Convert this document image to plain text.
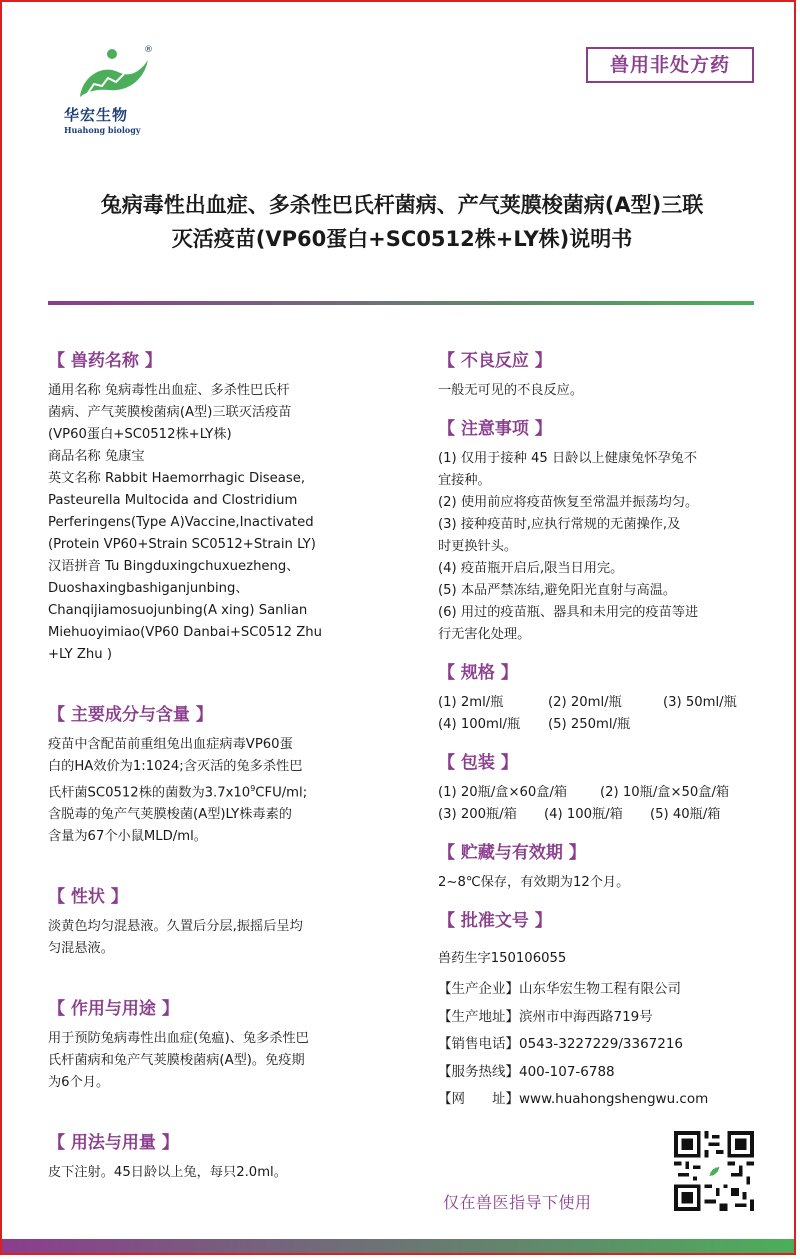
®
华宏生物
Huahong biology
兽用非处方药
兔病毒性出血症、多杀性巴氏杆菌病、产气荚膜梭菌病(A型)三联
灭活疫苗(VP60蛋白+SC0512株+LY株)说明书
【 兽药名称 】
通用名称 兔病毒性出血症、多杀性巴氏杆
菌病、产气荚膜梭菌病(A型)三联灭活疫苗
(VP60蛋白+SC0512株+LY株)
商品名称 兔康宝
英文名称 Rabbit Haemorrhagic Disease,
Pasteurella Multocida and Clostridium
Perferingens(Type A)Vaccine,Inactivated
(Protein VP60+Strain SC0512+Strain LY)
汉语拼音 Tu Bingduxingchuxuezheng、
Duoshaxingbashiganjunbing、
Chanqijiamosuojunbing(A xing) Sanlian
Miehuoyimiao(VP60 Danbai+SC0512 Zhu
+LY Zhu )
【 主要成分与含量 】
疫苗中含配苗前重组兔出血症病毒VP60蛋
白的HA效价为1:1024;含灭活的兔多杀性巴
氏杆菌SC0512株的菌数为$3.7x10^9CFU/ml$;
含脱毒的兔产气荚膜梭菌(A型)LY株毒素的
含量为67个小鼠MLD/ml。
【 性状 】
淡黄色均匀混悬液。久置后分层,振摇后呈均
匀混悬液。
【 作用与用途 】
用于预防兔病毒性出血症(兔瘟)、兔多杀性巴
氏杆菌病和兔产气荚膜梭菌病(A型)。免疫期
为6个月。
【 用法与用量 】
皮下注射。45日龄以上兔，每只2.0ml。
【 不良反应 】
一般无可见的不良反应。
【 注意事项 】
(1) 仅用于接种 45 日龄以上健康兔怀孕兔不
宜接种。
(2) 使用前应将疫苗恢复至常温并振荡均匀。
(3) 接种疫苗时,应执行常规的无菌操作,及
时更换针头。
(4) 疫苗瓶开启后,限当日用完。
(5) 本品严禁冻结,避免阳光直射与高温。
(6) 用过的疫苗瓶、器具和未用完的疫苗等进
行无害化处理。
【 规格 】
(1) 2ml/瓶	(2) 20ml/瓶	(3) 50ml/瓶
(4) 100ml/瓶	(5) 250ml/瓶
【 包装 】
(1) 20瓶/盒×60盒/箱	(2) 10瓶/盒×50盒/箱
(3) 200瓶/箱	(4) 100瓶/箱	(5) 40瓶/箱
【 贮藏与有效期 】
2~8℃保存，有效期为12个月。
【 批准文号 】
兽药生字150106055
【生产企业】山东华宏生物工程有限公司
【生产地址】滨州市中海西路719号
【销售电话】0543-3227229/3367216
【服务热线】400-107-6788
【网　　址】www.huahongshengwu.com
仅在兽医指导下使用
